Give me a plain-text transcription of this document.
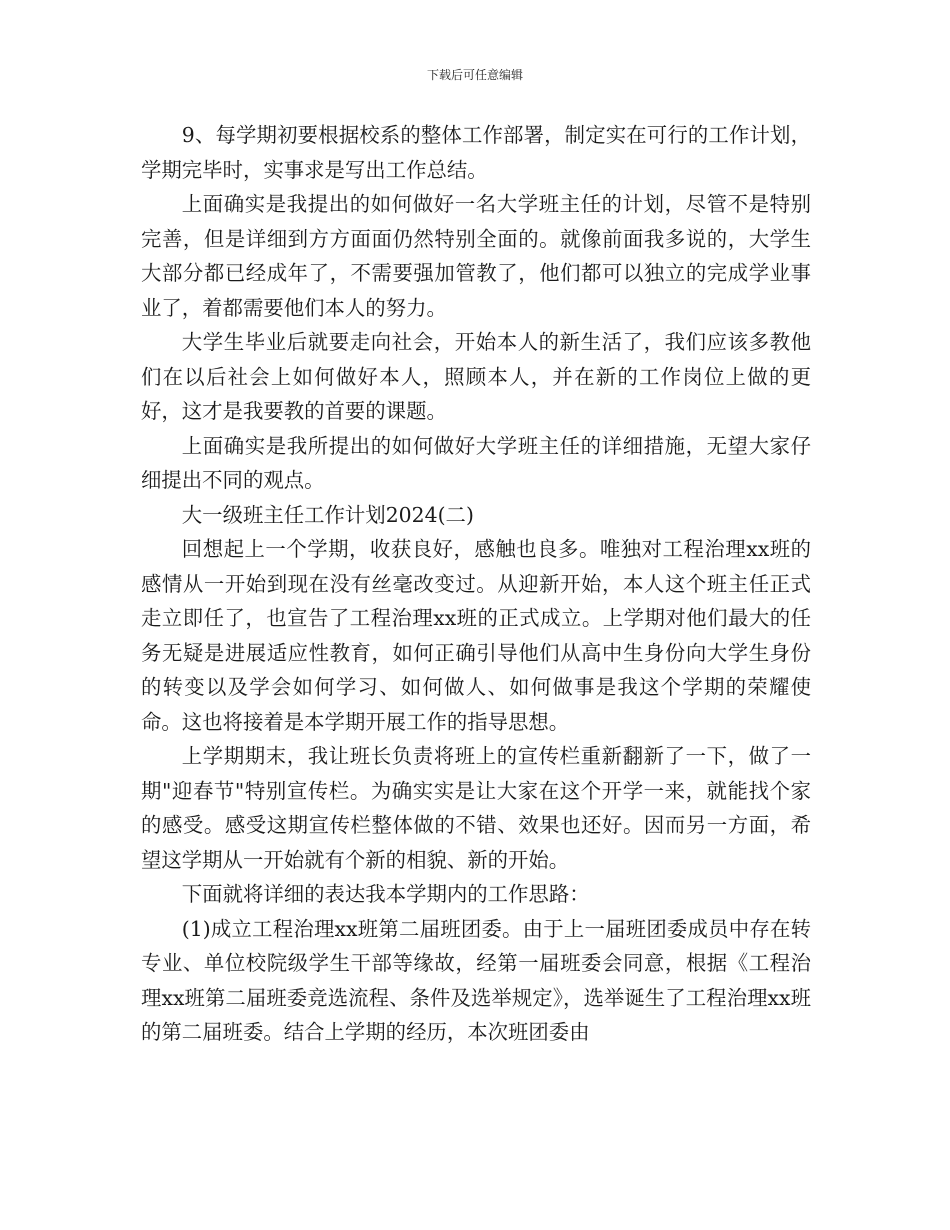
下载后可任意编辑

9、每学期初要根据校系的整体工作部署，制定实在可行的工作计划，学期完毕时，实事求是写出工作总结。

上面确实是我提出的如何做好一名大学班主任的计划，尽管不是特别完善，但是详细到方方面面仍然特别全面的。就像前面我多说的，大学生大部分都已经成年了，不需要强加管教了，他们都可以独立的完成学业事业了，着都需要他们本人的努力。

大学生毕业后就要走向社会，开始本人的新生活了，我们应该多教他们在以后社会上如何做好本人，照顾本人，并在新的工作岗位上做的更好，这才是我要教的首要的课题。

上面确实是我所提出的如何做好大学班主任的详细措施，无望大家仔细提出不同的观点。

大一级班主任工作计划2024(二)

回想起上一个学期，收获良好，感触也良多。唯独对工程治理xx班的感情从一开始到现在没有丝毫改变过。从迎新开始，本人这个班主任正式走立即任了，也宣告了工程治理xx班的正式成立。上学期对他们最大的任务无疑是进展适应性教育，如何正确引导他们从高中生身份向大学生身份的转变以及学会如何学习、如何做人、如何做事是我这个学期的荣耀使命。这也将接着是本学期开展工作的指导思想。

上学期期末，我让班长负责将班上的宣传栏重新翻新了一下，做了一期"迎春节"特别宣传栏。为确实实是让大家在这个开学一来，就能找个家的感受。感受这期宣传栏整体做的不错、效果也还好。因而另一方面，希望这学期从一开始就有个新的相貌、新的开始。

下面就将详细的表达我本学期内的工作思路：

(1)成立工程治理xx班第二届班团委。由于上一届班团委成员中存在转专业、单位校院级学生干部等缘故，经第一届班委会同意，根据《工程治理xx班第二届班委竞选流程、条件及选举规定》，选举诞生了工程治理xx班的第二届班委。结合上学期的经历，本次班团委由
